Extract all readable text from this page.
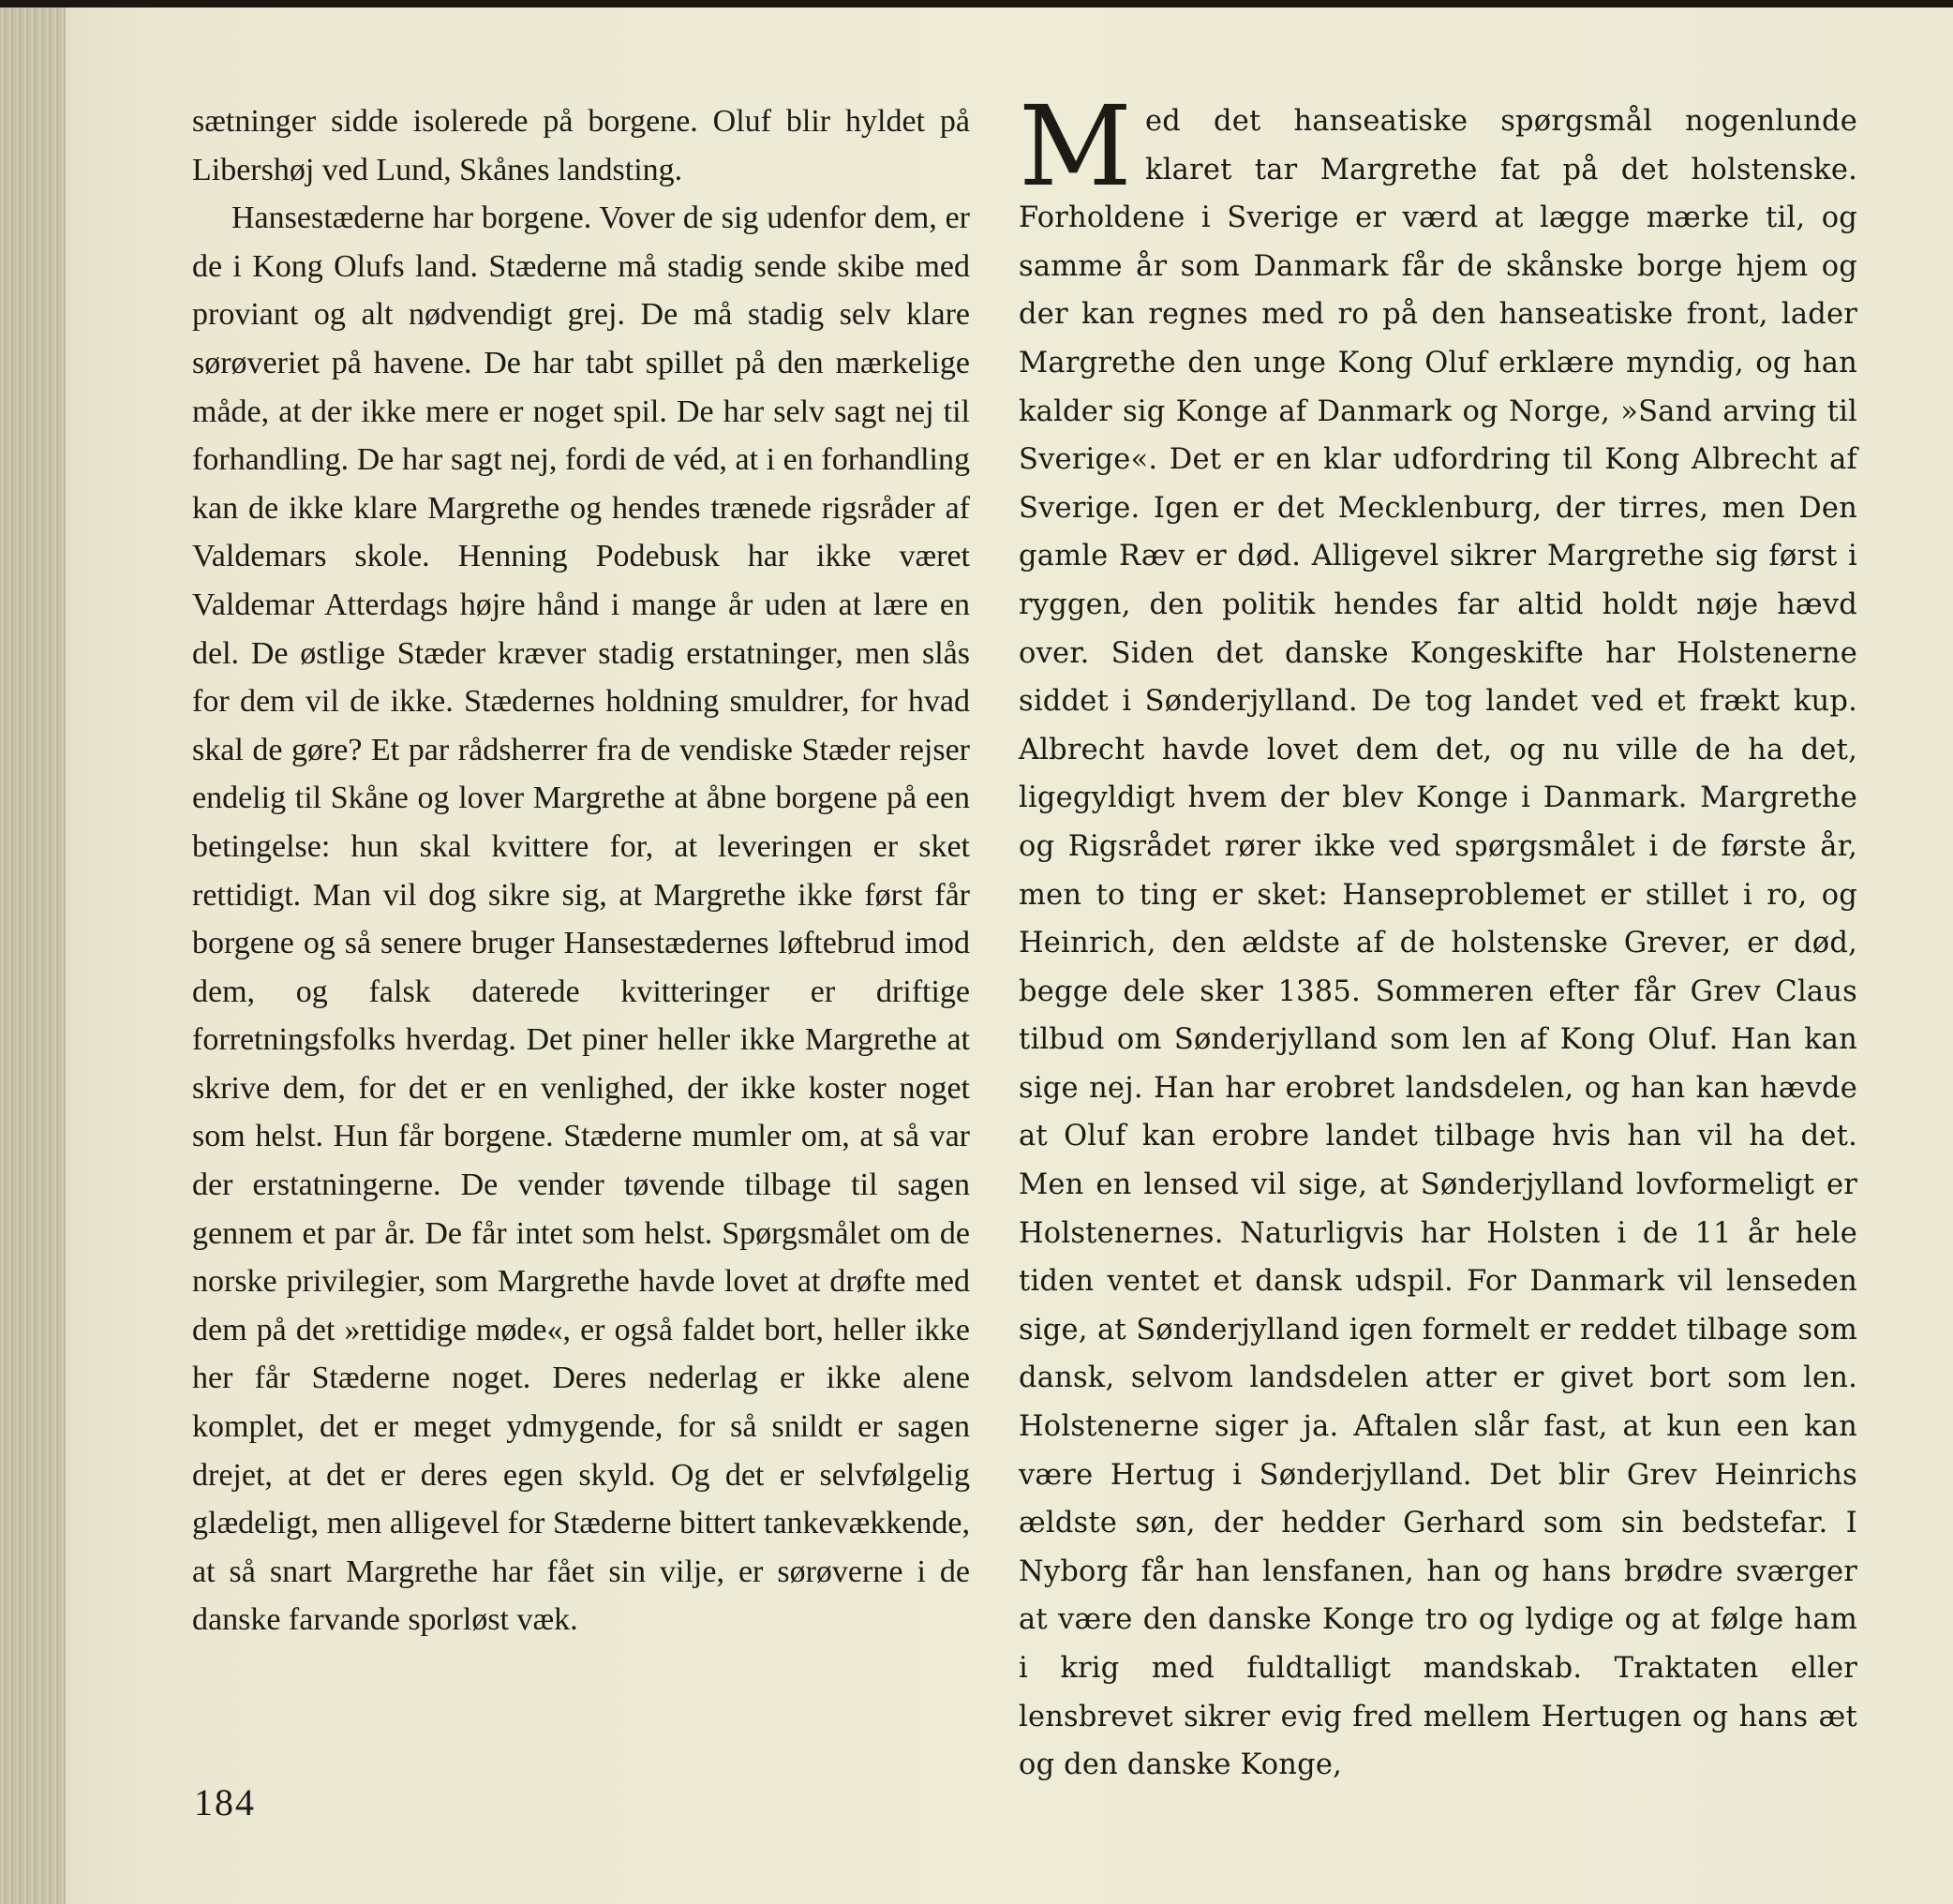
sætninger sidde isolerede på borgene. Oluf blir hyldet på Libershøj ved Lund, Skånes landsting.

Hansestæderne har borgene. Vover de sig udenfor dem, er de i Kong Olufs land. Stæderne må stadig sende skibe med proviant og alt nødvendigt grej. De må stadig selv klare sørøveriet på havene. De har tabt spillet på den mærkelige måde, at der ikke mere er noget spil. De har selv sagt nej til forhandling. De har sagt nej, fordi de véd, at i en forhandling kan de ikke klare Margrethe og hendes trænede rigsråder af Valdemars skole. Henning Podebusk har ikke været Valdemar Atterdags højre hånd i mange år uden at lære en del. De østlige Stæder kræver stadig erstatninger, men slås for dem vil de ikke. Stædernes holdning smuldrer, for hvad skal de gøre? Et par rådsherrer fra de vendiske Stæder rejser endelig til Skåne og lover Margrethe at åbne borgene på een betingelse: hun skal kvittere for, at leveringen er sket rettidigt. Man vil dog sikre sig, at Margrethe ikke først får borgene og så senere bruger Hansestædernes løftebrud imod dem, og falsk daterede kvitteringer er driftige forretningsfolks hverdag. Det piner heller ikke Margrethe at skrive dem, for det er en venlighed, der ikke koster noget som helst. Hun får borgene. Stæderne mumler om, at så var der erstatningerne. De vender tøvende tilbage til sagen gennem et par år. De får intet som helst. Spørgsmålet om de norske privilegier, som Margrethe havde lovet at drøfte med dem på det »rettidige møde«, er også faldet bort, heller ikke her får Stæderne noget. Deres nederlag er ikke alene komplet, det er meget ydmygende, for så snildt er sagen drejet, at det er deres egen skyld. Og det er selvfølgelig glædeligt, men alligevel for Stæderne bittert tankevækkende, at så snart Margrethe har fået sin vilje, er sørøverne i de danske farvande sporløst væk.

184

M ed det hanseatiske spørgsmål nogenlunde klaret tar Margrethe fat på det holstenske. Forholdene i Sverige er værd at lægge mærke til, og samme år som Danmark får de skånske borge hjem og der kan regnes med ro på den hanseatiske front, lader Margrethe den unge Kong Oluf erklære myndig, og han kalder sig Konge af Danmark og Norge, »Sand arving til Sverige«. Det er en klar udfordring til Kong Albrecht af Sverige. Igen er det Mecklenburg, der tirres, men Den gamle Ræv er død. Alligevel sikrer Margrethe sig først i ryggen, den politik hendes far altid holdt nøje hævd over. Siden det danske Kongeskifte har Holstenerne siddet i Sønderjylland. De tog landet ved et frækt kup. Albrecht havde lovet dem det, og nu ville de ha det, ligegyldigt hvem der blev Konge i Danmark. Margrethe og Rigsrådet rører ikke ved spørgsmålet i de første år, men to ting er sket: Hanseproblemet er stillet i ro, og Heinrich, den ældste af de holstenske Grever, er død, begge dele sker 1385. Sommeren efter får Grev Claus tilbud om Sønderjylland som len af Kong Oluf. Han kan sige nej. Han har erobret landsdelen, og han kan hævde at Oluf kan erobre landet tilbage hvis han vil ha det. Men en lensed vil sige, at Sønderjylland lovformeligt er Holstenernes. Naturligvis har Holsten i de 11 år hele tiden ventet et dansk udspil. For Danmark vil lenseden sige, at Sønderjylland igen formelt er reddet tilbage som dansk, selvom landsdelen atter er givet bort som len. Holstenerne siger ja. Aftalen slår fast, at kun een kan være Hertug i Sønderjylland. Det blir Grev Heinrichs ældste søn, der hedder Gerhard som sin bedstefar. I Nyborg får han lensfanen, han og hans brødre sværger at være den danske Konge tro og lydige og at følge ham i krig med fuldtalligt mandskab. Traktaten eller lensbrevet sikrer evig fred mellem Hertugen og hans æt og den danske Konge,
